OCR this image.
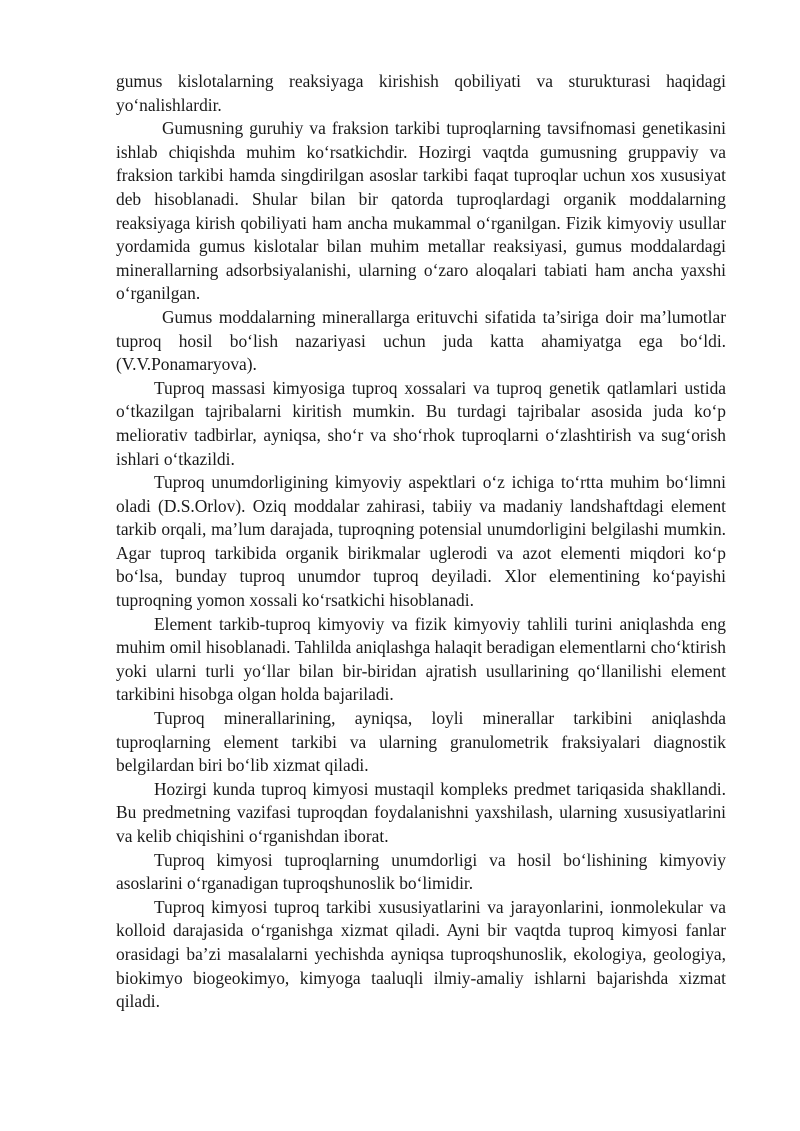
gumus kislotalarning reaksiyaga kirishish qobiliyati va sturukturasi haqidagi yo‘nalishlardir.

Gumusning guruhiy va fraksion tarkibi tuproqlarning tavsifnomasi genetikasini ishlab chiqishda muhim ko‘rsatkichdir. Hozirgi vaqtda gumusning gruppaviy va fraksion tarkibi hamda singdirilgan asoslar tarkibi faqat tuproqlar uchun xos xususiyat deb hisoblanadi. Shular bilan bir qatorda tuproqlardagi organik moddalarning reaksiyaga kirish qobiliyati ham ancha mukammal o‘rganilgan. Fizik kimyoviy usullar yordamida gumus kislotalar bilan muhim metallar reaksiyasi, gumus moddalardagi minerallarning adsorbsiyalanishi, ularning o‘zaro aloqalari tabiati ham ancha yaxshi o‘rganilgan.

Gumus moddalarning minerallarga erituvchi sifatida ta’siriga doir ma’lumotlar tuproq hosil bo‘lish nazariyasi uchun juda katta ahamiyatga ega bo‘ldi.(V.V.Ponamaryova).

Tuproq massasi kimyosiga tuproq xossalari va tuproq genetik qatlamlari ustida o‘tkazilgan tajribalarni kiritish mumkin. Bu turdagi tajribalar asosida juda ko‘p meliorativ tadbirlar, ayniqsa, sho‘r va sho‘rhok tuproqlarni o‘zlashtirish va sug‘orish ishlari o‘tkazildi.

Tuproq unumdorligining kimyoviy aspektlari o‘z ichiga to‘rtta muhim bo‘limni oladi (D.S.Orlov). Oziq moddalar zahirasi, tabiiy va madaniy landshaftdagi element tarkib orqali, ma’lum darajada, tuproqning potensial unumdorligini belgilashi mumkin. Agar tuproq tarkibida organik birikmalar uglerodi va azot elementi miqdori ko‘p bo‘lsa, bunday tuproq unumdor tuproq deyiladi. Xlor elementining ko‘payishi tuproqning yomon xossali ko‘rsatkichi hisoblanadi.

Element tarkib-tuproq kimyoviy va fizik kimyoviy tahlili turini aniqlashda eng muhim omil hisoblanadi. Tahlilda aniqlashga halaqit beradigan elementlarni cho‘ktirish yoki ularni turli yo‘llar bilan bir-biridan ajratish usullarining qo‘llanilishi element tarkibini hisobga olgan holda bajariladi.

Tuproq minerallarining, ayniqsa, loyli minerallar tarkibini aniqlashda tuproqlarning element tarkibi va ularning granulometrik fraksiyalari diagnostik belgilardan biri bo‘lib xizmat qiladi.

Hozirgi kunda tuproq kimyosi mustaqil kompleks predmet tariqasida shakllandi. Bu predmetning vazifasi tuproqdan foydalanishni yaxshilash, ularning xususiyatlarini va kelib chiqishini o‘rganishdan iborat.

Tuproq kimyosi tuproqlarning unumdorligi va hosil bo‘lishining kimyoviy asoslarini o‘rganadigan tuproqshunoslik bo‘limidir.

Tuproq kimyosi tuproq tarkibi xususiyatlarini va jarayonlarini, ionmolekular va kolloid darajasida o‘rganishga xizmat qiladi. Ayni bir vaqtda tuproq kimyosi fanlar orasidagi ba’zi masalalarni yechishda ayniqsa tuproqshunoslik, ekologiya, geologiya, biokimyo biogeokimyo, kimyoga taaluqli ilmiy-amaliy ishlarni bajarishda xizmat qiladi.
